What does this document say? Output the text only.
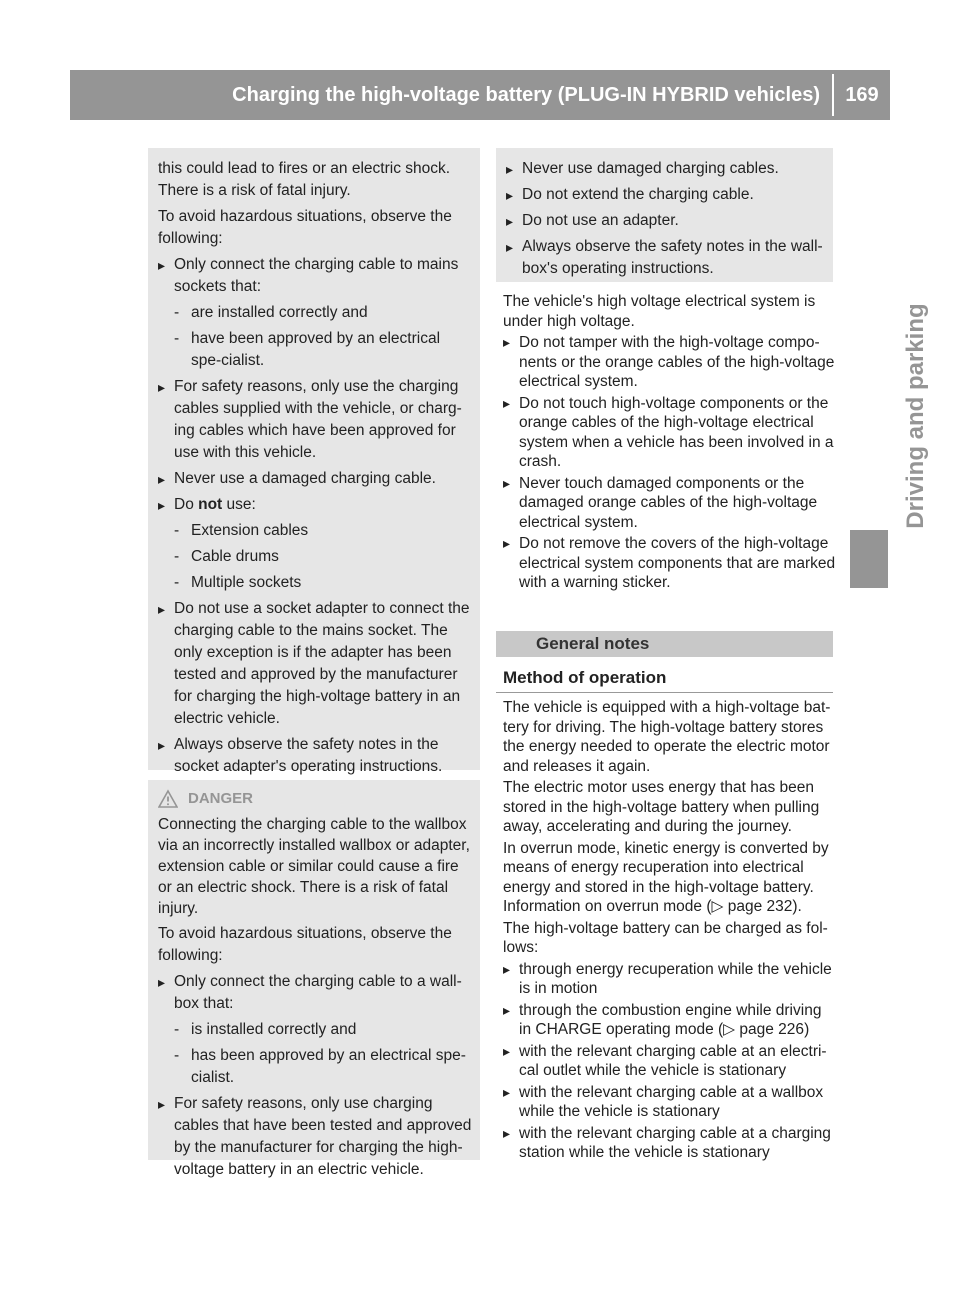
Charging the high-voltage battery (PLUG-IN HYBRID vehicles)	169
Driving and parking

this could lead to fires or an electric shock. There is a risk of fatal injury.

To avoid hazardous situations, observe the following:

▸ Only connect the charging cable to mains sockets that:
- are installed correctly and
- have been approved by an electrical spe-cialist.
▸ For safety reasons, only use the charging cables supplied with the vehicle, or charg-ing cables which have been approved for use with this vehicle.
▸ Never use a damaged charging cable.
▸ Do not use:
- Extension cables
- Cable drums
- Multiple sockets
▸ Do not use a socket adapter to connect the charging cable to the mains socket. The only exception is if the adapter has been tested and approved by the manufacturer for charging the high-voltage battery in an electric vehicle.
▸ Always observe the safety notes in the socket adapter's operating instructions.
DANGER

Connecting the charging cable to the wallbox via an incorrectly installed wallbox or adapter, extension cable or similar could cause a fire or an electric shock. There is a risk of fatal injury.

To avoid hazardous situations, observe the following:

▸ Only connect the charging cable to a wall-box that:
- is installed correctly and
- has been approved by an electrical spe-cialist.
▸ For safety reasons, only use charging cables that have been tested and approved by the manufacturer for charging the high-voltage battery in an electric vehicle.
▸ Never use damaged charging cables.
▸ Do not extend the charging cable.
▸ Do not use an adapter.
▸ Always observe the safety notes in the wall-box's operating instructions.

The vehicle's high voltage electrical system is under high voltage.

▸ Do not tamper with the high-voltage compo-nents or the orange cables of the high-voltage electrical system.
▸ Do not touch high-voltage components or the orange cables of the high-voltage electrical system when a vehicle has been involved in a crash.
▸ Never touch damaged components or the damaged orange cables of the high-voltage electrical system.
▸ Do not remove the covers of the high-voltage electrical system components that are marked with a warning sticker.
General notes
Method of operation

The vehicle is equipped with a high-voltage bat-tery for driving. The high-voltage battery stores the energy needed to operate the electric motor and releases it again.

The electric motor uses energy that has been stored in the high-voltage battery when pulling away, accelerating and during the journey.

In overrun mode, kinetic energy is converted by means of energy recuperation into electrical energy and stored in the high-voltage battery. Information on overrun mode (▷ page 232).

The high-voltage battery can be charged as fol-lows:

▸ through energy recuperation while the vehicle is in motion
▸ through the combustion engine while driving in CHARGE operating mode (▷ page 226)
▸ with the relevant charging cable at an electri-cal outlet while the vehicle is stationary
▸ with the relevant charging cable at a wallbox while the vehicle is stationary
▸ with the relevant charging cable at a charging station while the vehicle is stationary
